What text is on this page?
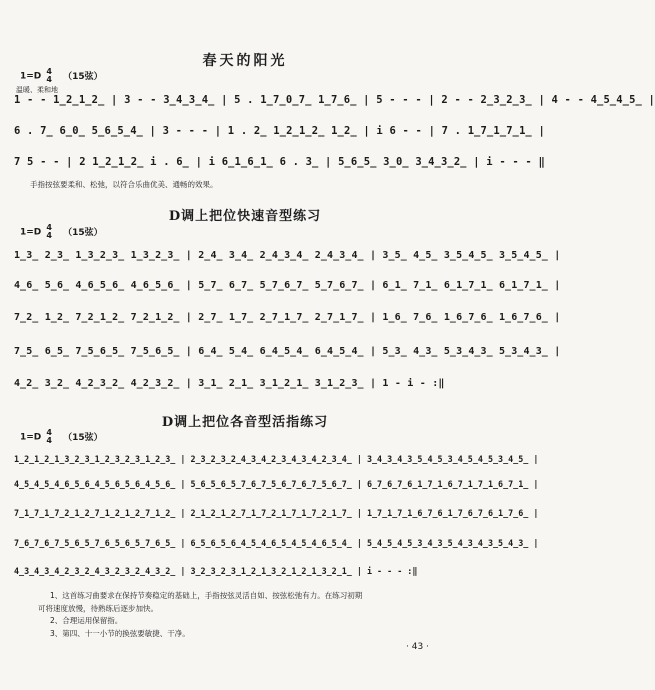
春天的阳光
1=D 4
4 （15弦）
温暖、柔和地
1 - - 1̲2̲1̲2̲ | 3 - - 3̲4̲3̲4̲ | 5 . 1̲7̲0̲7̲ 1̲7̲6̲ | 5 - - - | 2 - - 2̲3̲2̲3̲ | 4 - - 4̲5̲4̲5̲ |
6 . 7̲ 6̲0̲ 5̲6̲5̲4̲ | 3 - - - | 1 . 2̲ 1̲2̲1̲2̲ 1̲2̲ | i 6 - - | 7 . 1̲7̲1̲7̲1̲ |
7 5 - - | 2 1̲2̲1̲2̲ i . 6̲ | i 6̲1̲6̲1̲ 6 . 3̲ | 5̲6̲5̲ 3̲0̲ 3̲4̲3̲2̲ | i - - - ‖
手指按弦要柔和、松弛，以符合乐曲优美、通畅的效果。
D调上把位快速音型练习
1=D 4
4 （15弦）
1̲3̲ 2̲3̲ 1̲3̲2̲3̲ 1̲3̲2̲3̲ | 2̲4̲ 3̲4̲ 2̲4̲3̲4̲ 2̲4̲3̲4̲ | 3̲5̲ 4̲5̲ 3̲5̲4̲5̲ 3̲5̲4̲5̲ |
4̲6̲ 5̲6̲ 4̲6̲5̲6̲ 4̲6̲5̲6̲ | 5̲7̲ 6̲7̲ 5̲7̲6̲7̲ 5̲7̲6̲7̲ | 6̲1̲ 7̲1̲ 6̲1̲7̲1̲ 6̲1̲7̲1̲ |
7̲2̲ 1̲2̲ 7̲2̲1̲2̲ 7̲2̲1̲2̲ | 2̲7̲ 1̲7̲ 2̲7̲1̲7̲ 2̲7̲1̲7̲ | 1̲6̲ 7̲6̲ 1̲6̲7̲6̲ 1̲6̲7̲6̲ |
7̲5̲ 6̲5̲ 7̲5̲6̲5̲ 7̲5̲6̲5̲ | 6̲4̲ 5̲4̲ 6̲4̲5̲4̲ 6̲4̲5̲4̲ | 5̲3̲ 4̲3̲ 5̲3̲4̲3̲ 5̲3̲4̲3̲ |
4̲2̲ 3̲2̲ 4̲2̲3̲2̲ 4̲2̲3̲2̲ | 3̲1̲ 2̲1̲ 3̲1̲2̲1̲ 3̲1̲2̲3̲ | 1 - i - :‖
D调上把位各音型活指练习
1=D 4
4 （15弦）
1̲2̲1̲2̲1̲3̲2̲3̲1̲2̲3̲2̲3̲1̲2̲3̲ | 2̲3̲2̲3̲2̲4̲3̲4̲2̲3̲4̲3̲4̲2̲3̲4̲ | 3̲4̲3̲4̲3̲5̲4̲5̲3̲4̲5̲4̲5̲3̲4̲5̲ |
4̲5̲4̲5̲4̲6̲5̲6̲4̲5̲6̲5̲6̲4̲5̲6̲ | 5̲6̲5̲6̲5̲7̲6̲7̲5̲6̲7̲6̲7̲5̲6̲7̲ | 6̲7̲6̲7̲6̲1̲7̲1̲6̲7̲1̲7̲1̲6̲7̲1̲ |
7̲1̲7̲1̲7̲2̲1̲2̲7̲1̲2̲1̲2̲7̲1̲2̲ | 2̲1̲2̲1̲2̲7̲1̲7̲2̲1̲7̲1̲7̲2̲1̲7̲ | 1̲7̲1̲7̲1̲6̲7̲6̲1̲7̲6̲7̲6̲1̲7̲6̲ |
7̲6̲7̲6̲7̲5̲6̲5̲7̲6̲5̲6̲5̲7̲6̲5̲ | 6̲5̲6̲5̲6̲4̲5̲4̲6̲5̲4̲5̲4̲6̲5̲4̲ | 5̲4̲5̲4̲5̲3̲4̲3̲5̲4̲3̲4̲3̲5̲4̲3̲ |
4̲3̲4̲3̲4̲2̲3̲2̲4̲3̲2̲3̲2̲4̲3̲2̲ | 3̲2̲3̲2̲3̲1̲2̲1̲3̲2̲1̲2̲1̲3̲2̲1̲ | i - - - :‖
1、这首练习曲要求在保持节奏稳定的基础上，手指按弦灵活自如、按弦松弛有力。在练习初期
可将速度放慢，待熟练后逐步加快。
2、合理运用保留指。
3、第四、十一小节的换弦要敏捷、干净。
· 43 ·
